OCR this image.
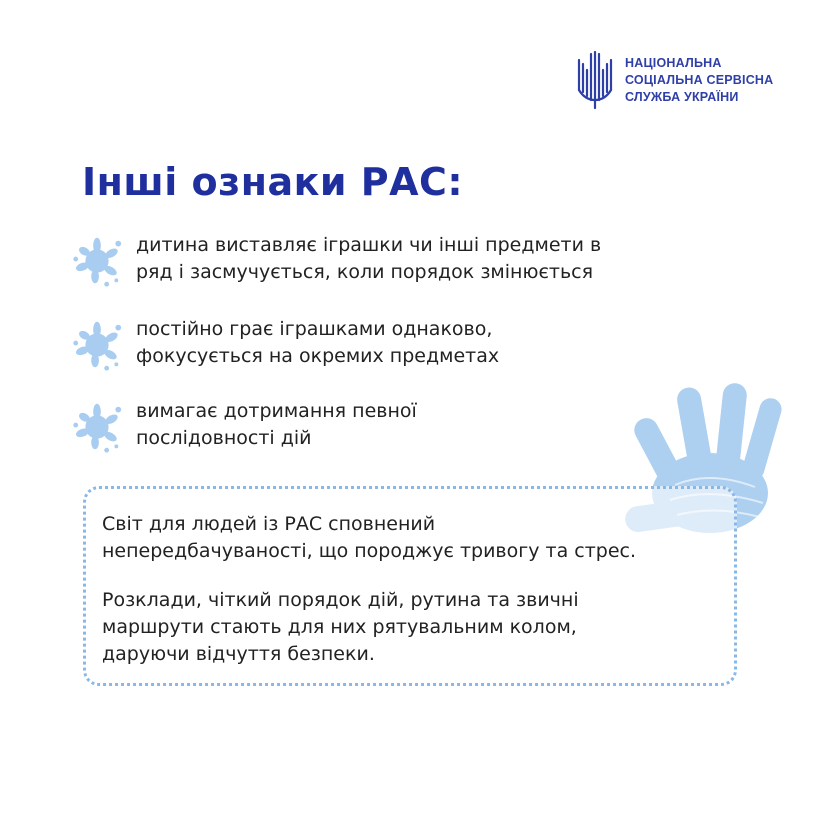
НАЦІОНАЛЬНА
СОЦІАЛЬНА СЕРВІСНА
СЛУЖБА УКРАЇНИ
Інші ознаки РАС:
дитина виставляє іграшки чи інші предмети в
ряд і засмучується, коли порядок змінюється
постійно грає іграшками однаково,
фокусується на окремих предметах
вимагає дотримання певної
послідовності дій

Світ для людей із РАС сповнений
непередбачуваності, що породжує тривогу та стрес.

Розклади, чіткий порядок дій, рутина та звичні
маршрути стають для них рятувальним колом,
даруючи відчуття безпеки.
